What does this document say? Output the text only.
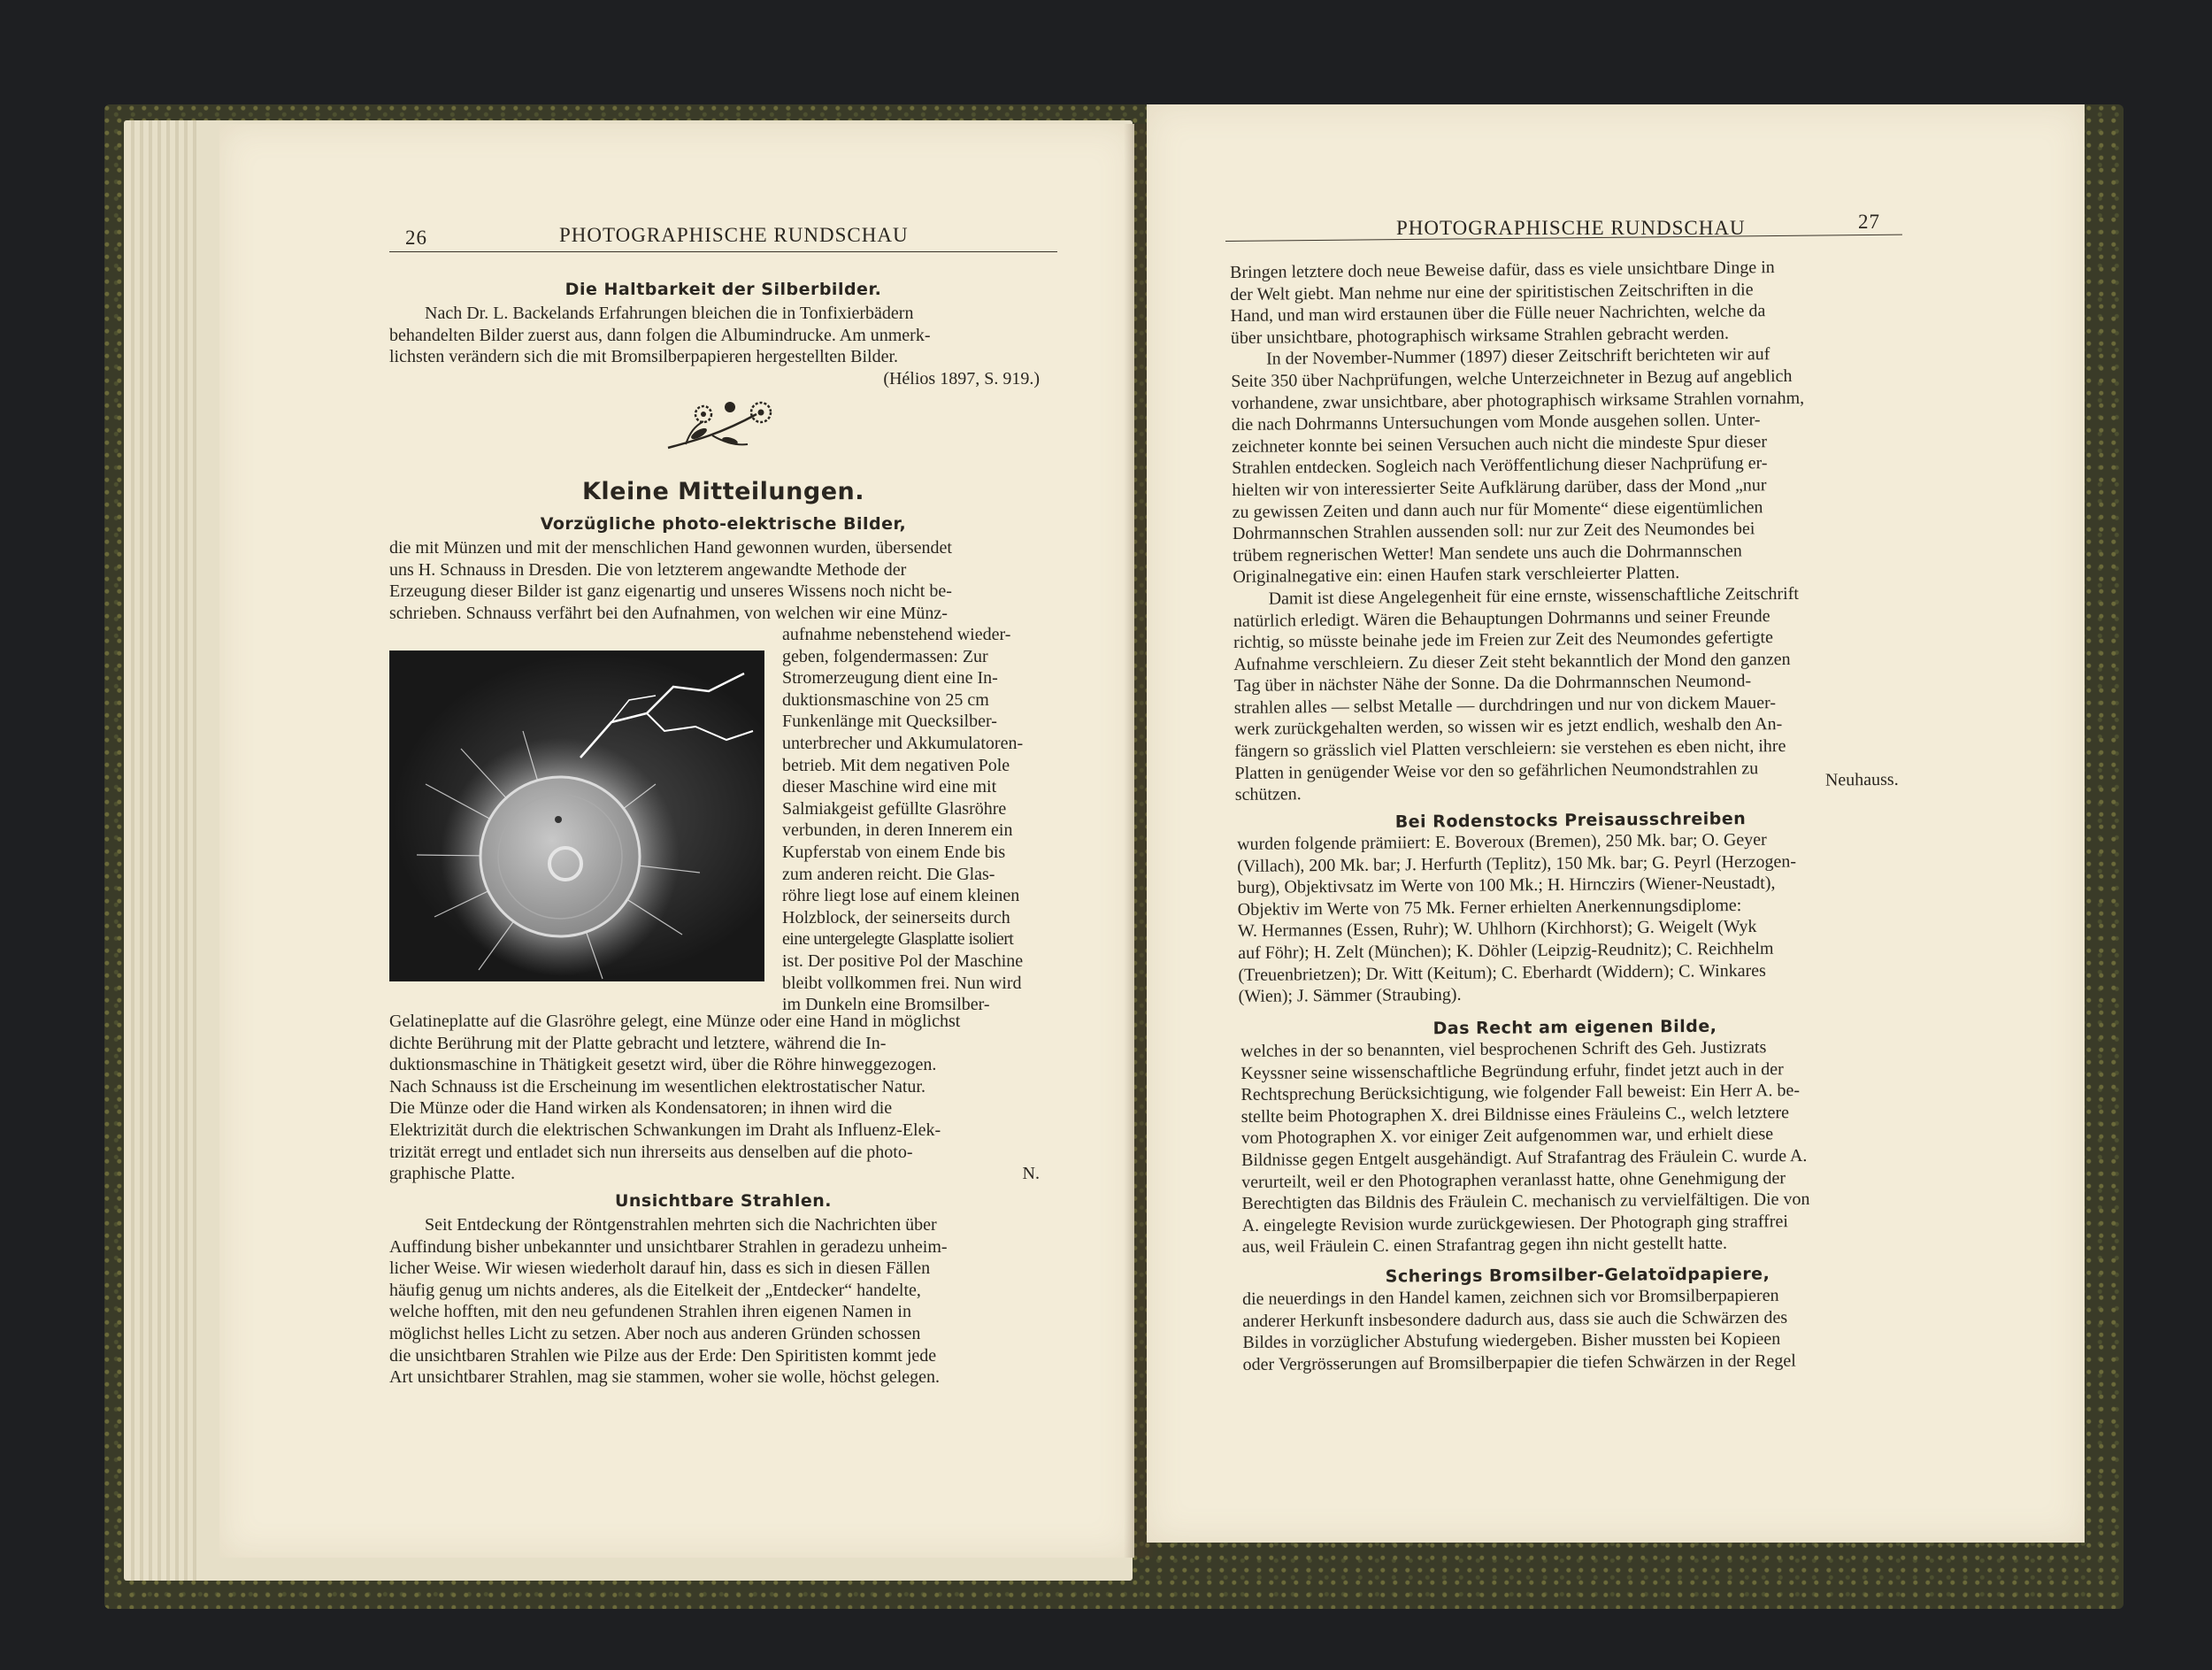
26	PHOTOGRAPHISCHE RUNDSCHAU
Die Haltbarkeit der Silberbilder.

Nach Dr. L. Backelands Erfahrungen bleichen die in Tonfixierbädern

behandelten Bilder zuerst aus, dann folgen die Albumindrucke. Am unmerk-

lichsten verändern sich die mit Bromsilberpapieren hergestellten Bilder.

(Hélios 1897, S. 919.)

Kleine Mitteilungen.
Vorzügliche photo-elektrische Bilder,

die mit Münzen und mit der menschlichen Hand gewonnen wurden, übersendet

uns H. Schnauss in Dresden. Die von letzterem angewandte Methode der

Erzeugung dieser Bilder ist ganz eigenartig und unseres Wissens noch nicht be-

schrieben. Schnauss verfährt bei den Aufnahmen, von welchen wir eine Münz-

aufnahme nebenstehend wieder-

geben, folgendermassen: Zur

Stromerzeugung dient eine In-

duktionsmaschine von 25 cm

Funkenlänge mit Quecksilber-

unterbrecher und Akkumulatoren-

betrieb. Mit dem negativen Pole

dieser Maschine wird eine mit

Salmiakgeist gefüllte Glasröhre

verbunden, in deren Innerem ein

Kupferstab von einem Ende bis

zum anderen reicht. Die Glas-

röhre liegt lose auf einem kleinen

Holzblock, der seinerseits durch

eine untergelegte Glasplatte isoliert

ist. Der positive Pol der Maschine

bleibt vollkommen frei. Nun wird

im Dunkeln eine Bromsilber-

Gelatineplatte auf die Glasröhre gelegt, eine Münze oder eine Hand in möglichst

dichte Berührung mit der Platte gebracht und letztere, während die In-

duktionsmaschine in Thätigkeit gesetzt wird, über die Röhre hinweggezogen.

Nach Schnauss ist die Erscheinung im wesentlichen elektrostatischer Natur.

Die Münze oder die Hand wirken als Kondensatoren; in ihnen wird die

Elektrizität durch die elektrischen Schwankungen im Draht als Influenz-Elek-

trizität erregt und entladet sich nun ihrerseits aus denselben auf die photo-

graphische Platte.	N.

Unsichtbare Strahlen.

Seit Entdeckung der Röntgenstrahlen mehrten sich die Nachrichten über

Auffindung bisher unbekannter und unsichtbarer Strahlen in geradezu unheim-

licher Weise. Wir wiesen wiederholt darauf hin, dass es sich in diesen Fällen

häufig genug um nichts anderes, als die Eitelkeit der „Entdecker“ handelte,

welche hofften, mit den neu gefundenen Strahlen ihren eigenen Namen in

möglichst helles Licht zu setzen. Aber noch aus anderen Gründen schossen

die unsichtbaren Strahlen wie Pilze aus der Erde: Den Spiritisten kommt jede

Art unsichtbarer Strahlen, mag sie stammen, woher sie wolle, höchst gelegen.

PHOTOGRAPHISCHE RUNDSCHAU	27

Bringen letztere doch neue Beweise dafür, dass es viele unsichtbare Dinge in

der Welt giebt. Man nehme nur eine der spiritistischen Zeitschriften in die

Hand, und man wird erstaunen über die Fülle neuer Nachrichten, welche da

über unsichtbare, photographisch wirksame Strahlen gebracht werden.

In der November-Nummer (1897) dieser Zeitschrift berichteten wir auf

Seite 350 über Nachprüfungen, welche Unterzeichneter in Bezug auf angeblich

vorhandene, zwar unsichtbare, aber photographisch wirksame Strahlen vornahm,

die nach Dohrmanns Untersuchungen vom Monde ausgehen sollen. Unter-

zeichneter konnte bei seinen Versuchen auch nicht die mindeste Spur dieser

Strahlen entdecken. Sogleich nach Veröffentlichung dieser Nachprüfung er-

hielten wir von interessierter Seite Aufklärung darüber, dass der Mond „nur

zu gewissen Zeiten und dann auch nur für Momente“ diese eigentümlichen

Dohrmannschen Strahlen aussenden soll: nur zur Zeit des Neumondes bei

trübem regnerischen Wetter! Man sendete uns auch die Dohrmannschen

Originalnegative ein: einen Haufen stark verschleierter Platten.

Damit ist diese Angelegenheit für eine ernste, wissenschaftliche Zeitschrift

natürlich erledigt. Wären die Behauptungen Dohrmanns und seiner Freunde

richtig, so müsste beinahe jede im Freien zur Zeit des Neumondes gefertigte

Aufnahme verschleiern. Zu dieser Zeit steht bekanntlich der Mond den ganzen

Tag über in nächster Nähe der Sonne. Da die Dohrmannschen Neumond-

strahlen alles — selbst Metalle — durchdringen und nur von dickem Mauer-

werk zurückgehalten werden, so wissen wir es jetzt endlich, weshalb den An-

fängern so grässlich viel Platten verschleiern: sie verstehen es eben nicht, ihre

Platten in genügender Weise vor den so gefährlichen Neumondstrahlen zu

schützen.
Neuhauss.

Bei Rodenstocks Preisausschreiben

wurden folgende prämiiert: E. Boveroux (Bremen), 250 Mk. bar; O. Geyer

(Villach), 200 Mk. bar; J. Herfurth (Teplitz), 150 Mk. bar; G. Peyrl (Herzogen-

burg), Objektivsatz im Werte von 100 Mk.; H. Hirnczirs (Wiener-Neustadt),

Objektiv im Werte von 75 Mk. Ferner erhielten Anerkennungsdiplome:

W. Hermannes (Essen, Ruhr); W. Uhlhorn (Kirchhorst); G. Weigelt (Wyk

auf Föhr); H. Zelt (München); K. Döhler (Leipzig-Reudnitz); C. Reichhelm

(Treuenbrietzen); Dr. Witt (Keitum); C. Eberhardt (Widdern); C. Winkares

(Wien); J. Sämmer (Straubing).

Das Recht am eigenen Bilde,

welches in der so benannten, viel besprochenen Schrift des Geh. Justizrats

Keyssner seine wissenschaftliche Begründung erfuhr, findet jetzt auch in der

Rechtsprechung Berücksichtigung, wie folgender Fall beweist: Ein Herr A. be-

stellte beim Photographen X. drei Bildnisse eines Fräuleins C., welch letztere

vom Photographen X. vor einiger Zeit aufgenommen war, und erhielt diese

Bildnisse gegen Entgelt ausgehändigt. Auf Strafantrag des Fräulein C. wurde A.

verurteilt, weil er den Photographen veranlasst hatte, ohne Genehmigung der

Berechtigten das Bildnis des Fräulein C. mechanisch zu vervielfältigen. Die von

A. eingelegte Revision wurde zurückgewiesen. Der Photograph ging straffrei

aus, weil Fräulein C. einen Strafantrag gegen ihn nicht gestellt hatte.

Scherings Bromsilber-Gelatoïdpapiere,

die neuerdings in den Handel kamen, zeichnen sich vor Bromsilberpapieren

anderer Herkunft insbesondere dadurch aus, dass sie auch die Schwärzen des

Bildes in vorzüglicher Abstufung wiedergeben. Bisher mussten bei Kopieen

oder Vergrösserungen auf Bromsilberpapier die tiefen Schwärzen in der Regel
